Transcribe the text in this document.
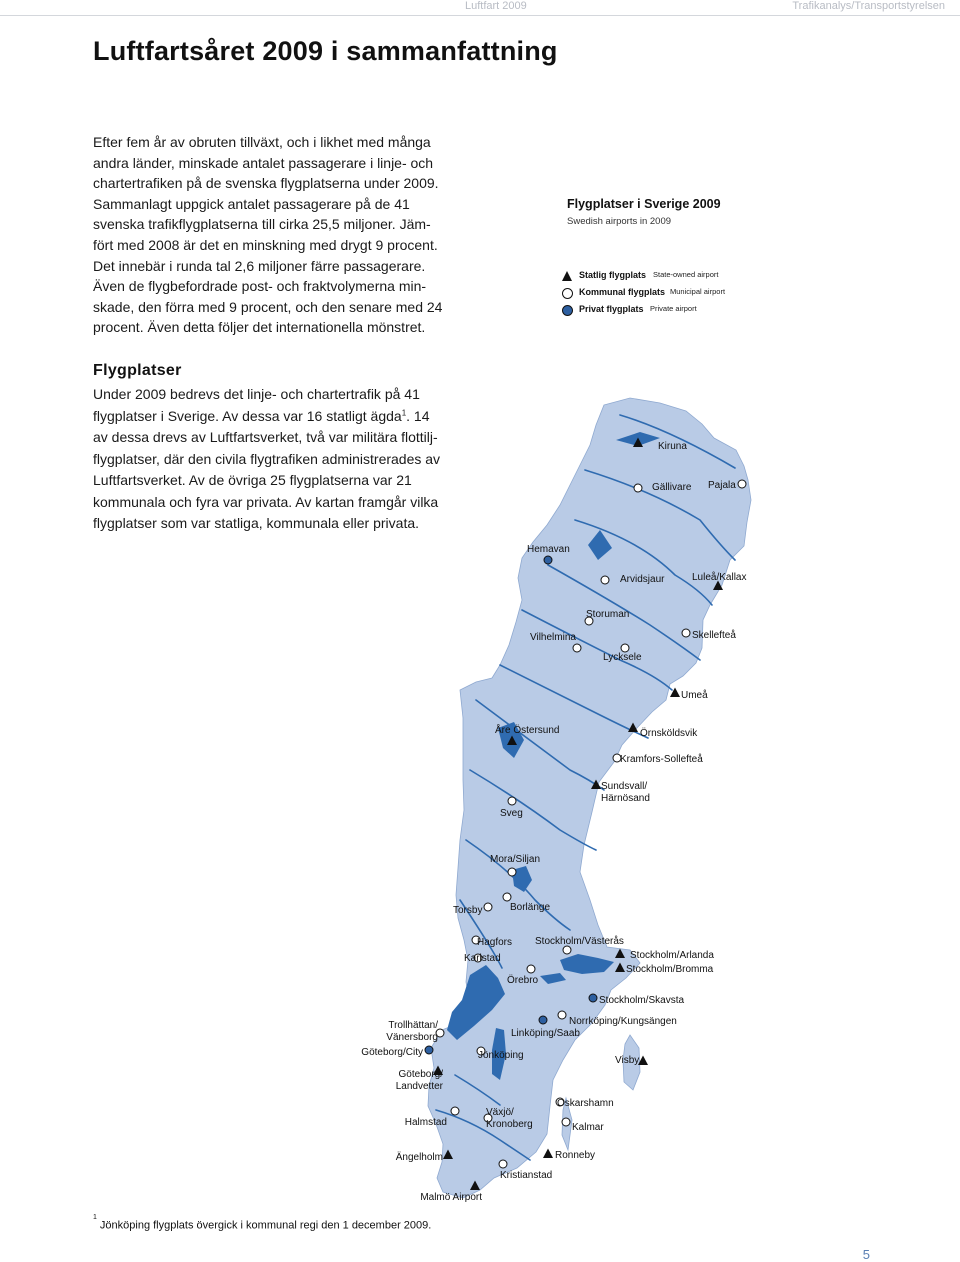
Luftfart 2009	Trafikanalys/Transportstyrelsen
Luftfartsåret 2009 i sammanfattning

Efter fem år av obruten tillväxt, och i likhet med många

andra länder, minskade antalet passagerare i linje- och

chartertrafiken på de svenska flygplatserna under 2009.

Sammanlagt uppgick antalet passagerare på de 41

svenska trafikflygplatserna till cirka 25,5 miljoner. Jäm-

fört med 2008 är det en minskning med drygt 9 procent.

Det innebär i runda tal 2,6 miljoner färre passagerare.

Även de flygbefordrade post- och fraktvolymerna min-

skade, den förra med 9 procent, och den senare med 24

procent. Även detta följer det internationella mönstret.

Flygplatser
Under 2009 bedrevs det linje- och chartertrafik på 41
flygplatser i Sverige. Av dessa var 16 statligt ägda$^1$. 14
av dessa drevs av Luftfartsverket, två var militära flottilj-
flygplatser, där den civila flygtrafiken administrerades av
Luftfartsverket. Av de övriga 25 flygplatserna var 21
kommunala och fyra var privata. Av kartan framgår vilka
flygplatser som var statliga, kommunala eller privata.
Flygplatser i Sverige 2009
Swedish airports in 2009
Statlig flygplats State-owned airport
Kommunal flygplats Municipal airport
Privat flygplats Private airport
Kiruna
Gällivare Pajala
Hemavan
Arvidsjaur	Luleå/Kallax
Storuman
Vilhelmina
Lycksele
Skellefteå
Umeå
Örnsköldsvik
Åre Östersund
Kramfors-Sollefteå
Sundsvall/ Härnösand
Sveg
Mora/Siljan
Torsby	Borlänge
Hagfors Stockholm/Västerås
Karlstad
Örebro
Stockholm/Arlanda
Stockholm/Bromma
Stockholm/Skavsta
Norrköping/Kungsängen
Linköping/Saab
Trollhättan/ Vänersborg
Göteborg/City	Jönköping	Visby
Göteborg/ Landvetter
Oskarshamn
Halmstad
Växjö/ Kronoberg	Kalmar
Ängelholm	Ronneby
Kristianstad
Malmö Airport
$^1$Jönköping flygplats övergick i kommunal regi den 1 december 2009.
5
